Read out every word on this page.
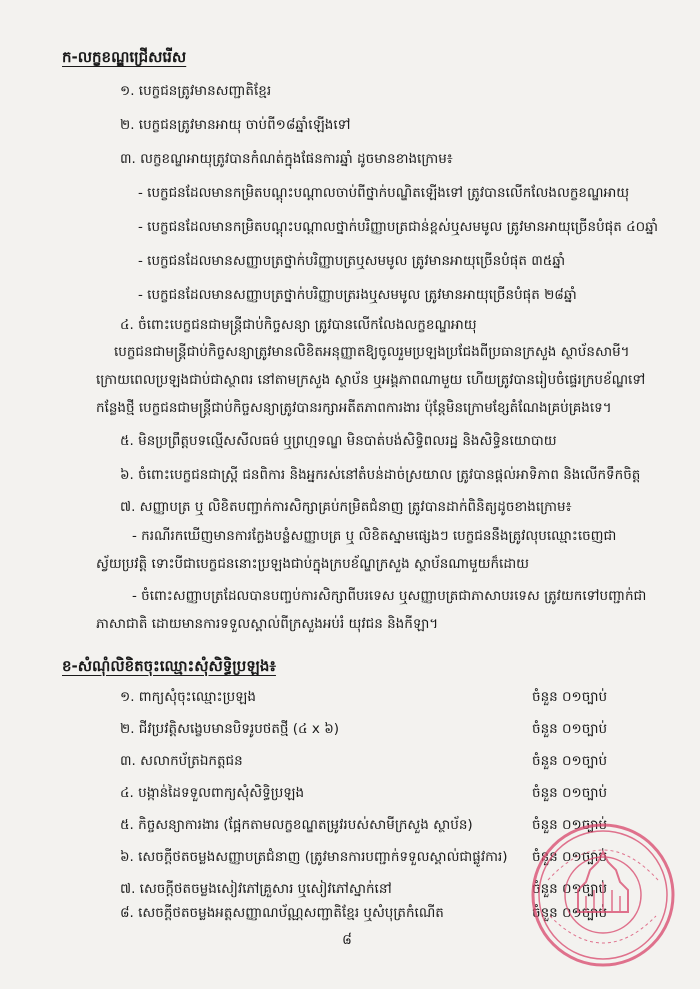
ក-លក្ខខណ្ឌជ្រើសរើស
១. បេក្ខជនត្រូវមានសញ្ជាតិខ្មែរ
២. បេក្ខជនត្រូវមានអាយុ ចាប់ពី១៨ឆ្នាំឡើងទៅ
៣. លក្ខខណ្ឌអាយុត្រូវបានកំណត់ក្នុងផែនការឆ្នាំ ដូចមានខាងក្រោម៖
- បេក្ខជនដែលមានកម្រិតបណ្ដុះបណ្ដាលចាប់ពីថ្នាក់បណ្ឌិតឡើងទៅ ត្រូវបានលើកលែងលក្ខខណ្ឌអាយុ
- បេក្ខជនដែលមានកម្រិតបណ្ដុះបណ្ដាលថ្នាក់បរិញ្ញាបត្រជាន់ខ្ពស់ឬសមមូល ត្រូវមានអាយុច្រើនបំផុត ៤០ឆ្នាំ
- បេក្ខជនដែលមានសញ្ញាបត្រថ្នាក់បរិញ្ញាបត្រឬសមមូល ត្រូវមានអាយុច្រើនបំផុត ៣៥ឆ្នាំ
- បេក្ខជនដែលមានសញ្ញាបត្រថ្នាក់បរិញ្ញាបត្ររងឬសមមូល ត្រូវមានអាយុច្រើនបំផុត ២៨ឆ្នាំ
៤. ចំពោះបេក្ខជនជាមន្រ្តីជាប់កិច្ចសន្យា ត្រូវបានលើកលែងលក្ខខណ្ឌអាយុ
បេក្ខជនជាមន្ត្រីជាប់កិច្ចសន្យាត្រូវមានលិខិតអនុញ្ញាតឱ្យចូលរួមប្រឡងប្រជែងពីប្រធានក្រសួង ស្ថាប័នសាមី។ ក្រោយពេលប្រឡងជាប់ជាស្ថាពរ នៅតាមក្រសួង ស្ថាប័ន ឬអង្គភាពណាមួយ ហើយត្រូវបានរៀបចំផ្ទេរក្របខ័ណ្ឌទៅកន្លែងថ្មី បេក្ខជនជាមន្ត្រីជាប់កិច្ចសន្យាត្រូវបានរក្សាអតីតភាពការងារ ប៉ុន្តែមិនក្រោមខ្សែតំណែងគ្រប់គ្រងទេ។
៥. មិនប្រព្រឹត្តបទល្មើសសីលធម៌ ឬព្រហ្មទណ្ឌ មិនបាត់បង់សិទ្ធិពលរដ្ឋ និងសិទ្ធិនយោបាយ
៦. ចំពោះបេក្ខជនជាស្រ្តី ជនពិការ និងអ្នករស់នៅតំបន់ដាច់ស្រយាល ត្រូវបានផ្ដល់អាទិភាព និងលើកទឹកចិត្ត
៧. សញ្ញាបត្រ ឬ លិខិតបញ្ជាក់ការសិក្សាគ្រប់កម្រិតជំនាញ ត្រូវបានដាក់ពិនិត្យដូចខាងក្រោម៖
- ករណីរកឃើញមានការក្លែងបន្លំសញ្ញាបត្រ ឬ លិខិតស្នាមផ្សេងៗ បេក្ខជននឹងត្រូវលុបឈ្មោះចេញជាស្វ័យប្រវត្តិ ទោះបីជាបេក្ខជននោះប្រឡងជាប់ក្នុងក្របខ័ណ្ឌក្រសួង ស្ថាប័នណាមួយក៏ដោយ
- ចំពោះសញ្ញាបត្រដែលបានបញ្ចប់ការសិក្សាពីបរទេស ឬសញ្ញាបត្រជាភាសាបរទេស ត្រូវយកទៅបញ្ជាក់ជាភាសាជាតិ ដោយមានការទទួលស្គាល់ពីក្រសួងអប់រំ យុវជន និងកីឡា។
ខ-សំណុំលិខិតចុះឈ្មោះសុំសិទ្ធិប្រឡង៖
១. ពាក្យសុំចុះឈ្មោះប្រឡង	ចំនួន ០១ច្បាប់
២. ជីវប្រវត្តិសង្ខេបមានបិទរូបថតថ្មី (៤ x ៦)	ចំនួន ០១ច្បាប់
៣. សលាកប័ត្រឯកត្តជន	ចំនួន ០១ច្បាប់
៤. បង្កាន់ដៃទទួលពាក្យសុំសិទ្ធិប្រឡង	ចំនួន ០១ច្បាប់
៥. កិច្ចសន្យាការងារ (ផ្អែកតាមលក្ខខណ្ឌតម្រូវរបស់សាមីក្រសួង ស្ថាប័ន)	ចំនួន ០១ច្បាប់
៦. សេចក្ដីថតចម្លងសញ្ញាបត្រជំនាញ (ត្រូវមានការបញ្ជាក់ទទួលស្គាល់ជាផ្លូវការ) ចំនួន ០១ច្បាប់
៧. សេចក្ដីថតចម្លងសៀវភៅគ្រួសារ ឬសៀវភៅស្នាក់នៅ	ចំនួន ០១ច្បាប់
៨. សេចក្ដីថតចម្លងអត្តសញ្ញាណប័ណ្ណសញ្ជាតិខ្មែរ ឬសំបុត្រកំណើត	ចំនួន ០១ច្បាប់
៨
